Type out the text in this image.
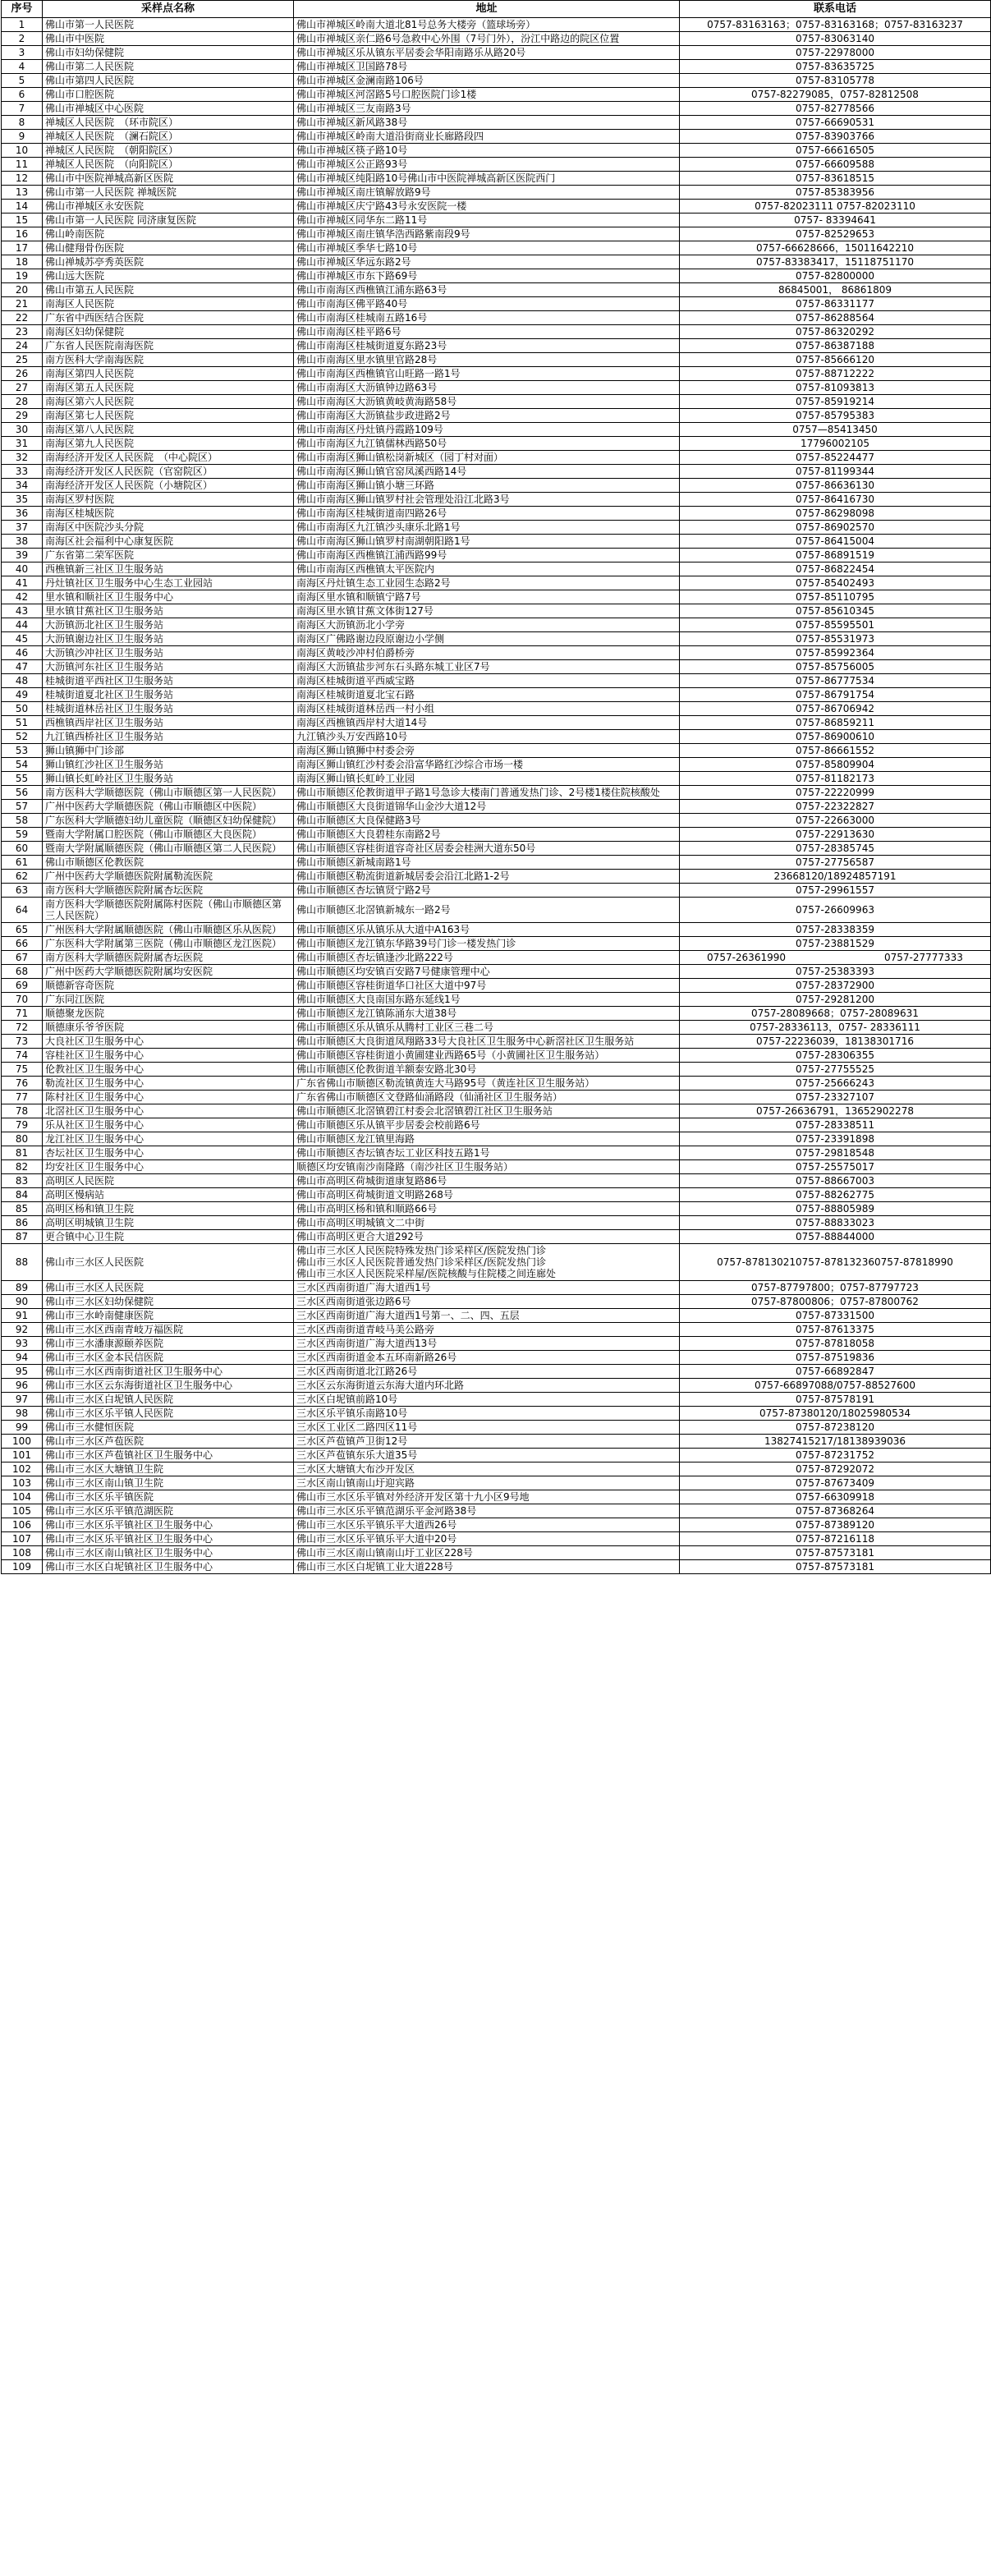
序号	采样点名称	地址	联系电话
1	佛山市第一人民医院	佛山市禅城区岭南大道北81号总务大楼旁（篮球场旁）	0757-83163163；0757-83163168；0757-83163237
2	佛山市中医院	佛山市禅城区亲仁路6号急救中心外围（7号门外），汾江中路边的院区位置	0757-83063140
3	佛山市妇幼保健院	佛山市禅城区乐从镇东平居委会华阳南路乐从路20号	0757-22978000
4	佛山市第二人民医院	佛山市禅城区卫国路78号	0757-83635725
5	佛山市第四人民医院	佛山市禅城区金澜南路106号	0757-83105778
6	佛山市口腔医院	佛山市禅城区河滘路5号口腔医院门诊1楼	0757-82279085，0757-82812508
7	佛山市禅城区中心医院	佛山市禅城区三友南路3号	0757-82778566
8	禅城区人民医院　（环市院区）	佛山市禅城区新风路38号	0757-66690531
9	禅城区人民医院　（澜石院区）	佛山市禅城区岭南大道沿街商业长廊路段四	0757-83903766
10	禅城区人民医院　（朝阳院区）	佛山市禅城区筷子路10号	0757-66616505
11	禅城区人民医院　（向阳院区）	佛山市禅城区公正路93号	0757-66609588
12	佛山市中医院禅城高新区医院	佛山市禅城区纯阳路10号佛山市中医院禅城高新区医院西门	0757-83618515
13	佛山市第一人民医院 禅城医院	佛山市禅城区南庄镇解放路9号	0757-85383956
14	佛山市禅城区永安医院	佛山市禅城区庆宁路43号永安医院一楼	0757-82023111 0757-82023110
15	佛山市第一人民医院 同济康复医院	佛山市禅城区同华东二路11号	0757- 83394641
16	佛山岭南医院	佛山市禅城区南庄镇华浩西路紫南段9号	0757-82529653
17	佛山健翔骨伤医院	佛山市禅城区季华七路10号	0757-66628666，15011642210
18	佛山禅城苏亭秀英医院	佛山市禅城区华远东路2号	0757-83383417，15118751170
19	佛山远大医院	佛山市禅城区市东下路69号	0757-82800000
20	佛山市第五人民医院	佛山市南海区西樵镇江浦东路63号	86845001， 86861809
21	南海区人民医院	佛山市南海区佛平路40号	0757-86331177
22	广东省中西医结合医院	佛山市南海区桂城南五路16号	0757-86288564
23	南海区妇幼保健院	佛山市南海区桂平路6号	0757-86320292
24	广东省人民医院南海医院	佛山市南海区桂城街道夏东路23号	0757-86387188
25	南方医科大学南海医院	佛山市南海区里水镇里官路28号	0757-85666120
26	南海区第四人民医院	佛山市南海区西樵镇官山旺路一路1号	0757-88712222
27	南海区第五人民医院	佛山市南海区大沥镇钟边路63号	0757-81093813
28	南海区第六人民医院	佛山市南海区大沥镇黄岐黄海路58号	0757-85919214
29	南海区第七人民医院	佛山市南海区大沥镇盐步政进路2号	0757-85795383
30	南海区第八人民医院	佛山市南海区丹灶镇丹霞路109号	0757—85413450
31	南海区第九人民医院	佛山市南海区九江镇儒林西路50号	17796002105
32	南海经济开发区人民医院　（中心院区）	佛山市南海区狮山镇松岗新城区（园丁村对面）	0757-85224477
33	南海经济开发区人民医院（官窑院区）	佛山市南海区狮山镇官窑凤溪西路14号	0757-81199344
34	南海经济开发区人民医院（小塘院区）	佛山市南海区狮山镇小塘三环路	0757-86636130
35	南海区罗村医院	佛山市南海区狮山镇罗村社会管理处沿江北路3号	0757-86416730
36	南海区桂城医院	佛山市南海区桂城街道南四路26号	0757-86298098
37	南海区中医院沙头分院	佛山市南海区九江镇沙头康乐北路1号	0757-86902570
38	南海区社会福利中心康复医院	佛山市南海区狮山镇罗村南湖朝阳路1号	0757-86415004
39	广东省第二荣军医院	佛山市南海区西樵镇江浦西路99号	0757-86891519
40	西樵镇新三社区卫生服务站	佛山市南海区西樵镇太平医院内	0757-86822454
41	丹灶镇社区卫生服务中心生态工业园站	南海区丹灶镇生态工业园生态路2号	0757-85402493
42	里水镇和顺社区卫生服务中心	南海区里水镇和顺镇宁路7号	0757-85110795
43	里水镇甘蕉社区卫生服务站	南海区里水镇甘蕉文体街127号	0757-85610345
44	大沥镇沥北社区卫生服务站	南海区大沥镇沥北小学旁	0757-85595501
45	大沥镇谢边社区卫生服务站	南海区广佛路谢边段原谢边小学侧	0757-85531973
46	大沥镇沙冲社区卫生服务站	南海区黄岐沙冲村伯爵桥旁	0757-85992364
47	大沥镇河东社区卫生服务站	南海区大沥镇盐步河东石头路东城工业区7号	0757-85756005
48	桂城街道平西社区卫生服务站	南海区桂城街道平西威宝路	0757-86777534
49	桂城街道夏北社区卫生服务站	南海区桂城街道夏北宝石路	0757-86791754
50	桂城街道林岳社区卫生服务站	南海区桂城街道林岳西一村小组	0757-86706942
51	西樵镇西岸社区卫生服务站	南海区西樵镇西岸村大道14号	0757-86859211
52	九江镇西桥社区卫生服务站	九江镇沙头万安西路10号	0757-86900610
53	狮山镇狮中门诊部	南海区狮山镇狮中村委会旁	0757-86661552
54	狮山镇红沙社区卫生服务站	南海区狮山镇红沙村委会沿富华路红沙综合市场一楼	0757-85809904
55	狮山镇长虹岭社区卫生服务站	南海区狮山镇长虹岭工业园	0757-81182173
56	南方医科大学顺德医院（佛山市顺德区第一人民医院）	佛山市顺德区伦教街道甲子路1号急诊大楼南门普通发热门诊、2号楼1楼住院核酸处	0757-22220999
57	广州中医药大学顺德医院（佛山市顺德区中医院）	佛山市顺德区大良街道锦华山金沙大道12号	0757-22322827
58	广东医科大学顺德妇幼儿童医院（顺德区妇幼保健院）	佛山市顺德区大良保健路3号	0757-22663000
59	暨南大学附属口腔医院（佛山市顺德区大良医院）	佛山市顺德区大良碧桂东南路2号	0757-22913630
60	暨南大学附属顺德医院（佛山市顺德区第二人民医院）	佛山市顺德区容桂街道容奇社区居委会桂洲大道东50号	0757-28385745
61	佛山市顺德区伦教医院	佛山市顺德区新城南路1号	0757-27756587
62	广州中医药大学顺德医院附属勒流医院	佛山市顺德区勒流街道新城居委会沿江北路1-2号	23668120/18924857191
63	南方医科大学顺德医院附属杏坛医院	佛山市顺德区杏坛镇贤宁路2号	0757-29961557
64	南方医科大学顺德医院附属陈村医院（佛山市顺德区第三人民医院）	佛山市顺德区北滘镇新城东一路2号	0757-26609963
65	广州医科大学附属顺德医院（佛山市顺德区乐从医院）	佛山市顺德区乐从镇乐从大道中A163号	0757-28338359
66	广东医科大学附属第三医院（佛山市顺德区龙江医院）	佛山市顺德区龙江镇东华路39号门诊一楼发热门诊	0757-23881529
67	南方医科大学顺德医院附属杏坛医院	佛山市顺德区杏坛镇逢沙北路222号	0757-26361990　　　　　　　　　　0757-27777333
68	广州中医药大学顺德医院附属均安医院	佛山市顺德区均安镇百安路7号健康管理中心	0757-25383393
69	顺德新容奇医院	佛山市顺德区容桂街道华口社区大道中97号	0757-28372900
70	广东同江医院	佛山市顺德区大良南国东路东延线1号	0757-29281200
71	顺德聚龙医院	佛山市顺德区龙江镇陈涌东大道38号	0757-28089668；0757-28089631
72	顺德康乐爷爷医院	佛山市顺德区乐从镇乐从腾村工业区三巷二号	0757-28336113，0757- 28336111
73	大良社区卫生服务中心	佛山市顺德区大良街道凤翔路33号大良社区卫生服务中心新滘社区卫生服务站	0757-22236039，18138301716
74	容桂社区卫生服务中心	佛山市顺德区容桂街道小黄圃建业西路65号（小黄圃社区卫生服务站）	0757-28306355
75	伦教社区卫生服务中心	佛山市顺德区伦教街道羊额泰安路北30号	0757-27755525
76	勒流社区卫生服务中心	广东省佛山市顺德区勒流镇黄连大马路95号（黄连社区卫生服务站）	0757-25666243
77	陈村社区卫生服务中心	广东省佛山市顺德区文登路仙涌路段（仙涌社区卫生服务站）	0757-23327107
78	北滘社区卫生服务中心	佛山市顺德区北滘镇碧江村委会北滘镇碧江社区卫生服务站	0757-26636791，13652902278
79	乐从社区卫生服务中心	佛山市顺德区乐从镇平步居委会校前路6号	0757-28338511
80	龙江社区卫生服务中心	佛山市顺德区龙江镇里海路	0757-23391898
81	杏坛社区卫生服务中心	佛山市顺德区杏坛镇杏坛工业区科技五路1号	0757-29818548
82	均安社区卫生服务中心	顺德区均安镇南沙南隆路（南沙社区卫生服务站）	0757-25575017
83	高明区人民医院	佛山市高明区荷城街道康复路86号	0757-88667003
84	高明区慢病站	佛山市高明区荷城街道文明路268号	0757-88262775
85	高明区杨和镇卫生院	佛山市高明区杨和镇和顺路66号	0757-88805989
86	高明区明城镇卫生院	佛山市高明区明城镇文二中街	0757-88833023
87	更合镇中心卫生院	佛山市高明区更合大道292号	0757-88844000
88	佛山市三水区人民医院	佛山市三水区人民医院特殊发热门诊采样区/医院发热门诊
佛山市三水区人民医院普通发热门诊采样区/医院发热门诊
佛山市三水区人民医院采样屋/医院核酸与住院楼之间连廊处	0757-878130210757-878132360757-87818990
89	佛山市三水区人民医院	三水区西南街道广海大道西1号	0757-87797800；0757-87797723
90	佛山市三水区妇幼保健院	三水区西南街道张边路6号	0757-87800806；0757-87800762
91	佛山市三水岭南健康医院	三水区西南街道广海大道西1号第一、二、四、五层	0757-87331500
92	佛山市三水区西南青岐万福医院	三水区西南街道青岐马美公路旁	0757-87613375
93	佛山市三水潘康源颐养医院	三水区西南街道广海大道西13号	0757-87818058
94	佛山市三水区金本民信医院	三水区西南街道金本五环南新路26号	0757-87519836
95	佛山市三水区西南街道社区卫生服务中心	三水区西南街道北江路26号	0757-66892847
96	佛山市三水区云东海街道社区卫生服务中心	三水区云东海街道云东海大道内环北路	0757-66897088/0757-88527600
97	佛山市三水区白坭镇人民医院	三水区白坭镇前路10号	0757-87578191
98	佛山市三水区乐平镇人民医院	三水区乐平镇乐南路10号	0757-87380120/18025980534
99	佛山市三水健恒医院	三水区工业区二路四区11号	0757-87238120
100	佛山市三水区芦苞医院	三水区芦苞镇芦卫街12号	13827415217/18138939036
101	佛山市三水区芦苞镇社区卫生服务中心	三水区芦苞镇东乐大道35号	0757-87231752
102	佛山市三水区大塘镇卫生院	三水区大塘镇大布沙开发区	0757-87292072
103	佛山市三水区南山镇卫生院	三水区南山镇南山圩迎宾路	0757-87673409
104	佛山市三水区乐平镇医院	佛山市三水区乐平镇对外经济开发区第十九小区9号地	0757-66309918
105	佛山市三水区乐平镇范湖医院	佛山市三水区乐平镇范湖乐平金河路38号	0757-87368264
106	佛山市三水区乐平镇社区卫生服务中心	佛山市三水区乐平镇乐平大道西26号	0757-87389120
107	佛山市三水区乐平镇社区卫生服务中心	佛山市三水区乐平镇乐平大道中20号	0757-87216118
108	佛山市三水区南山镇社区卫生服务中心	佛山市三水区南山镇南山圩工业区228号	0757-87573181
109	佛山市三水区白坭镇社区卫生服务中心	佛山市三水区白坭镇工业大道228号	0757-87573181
